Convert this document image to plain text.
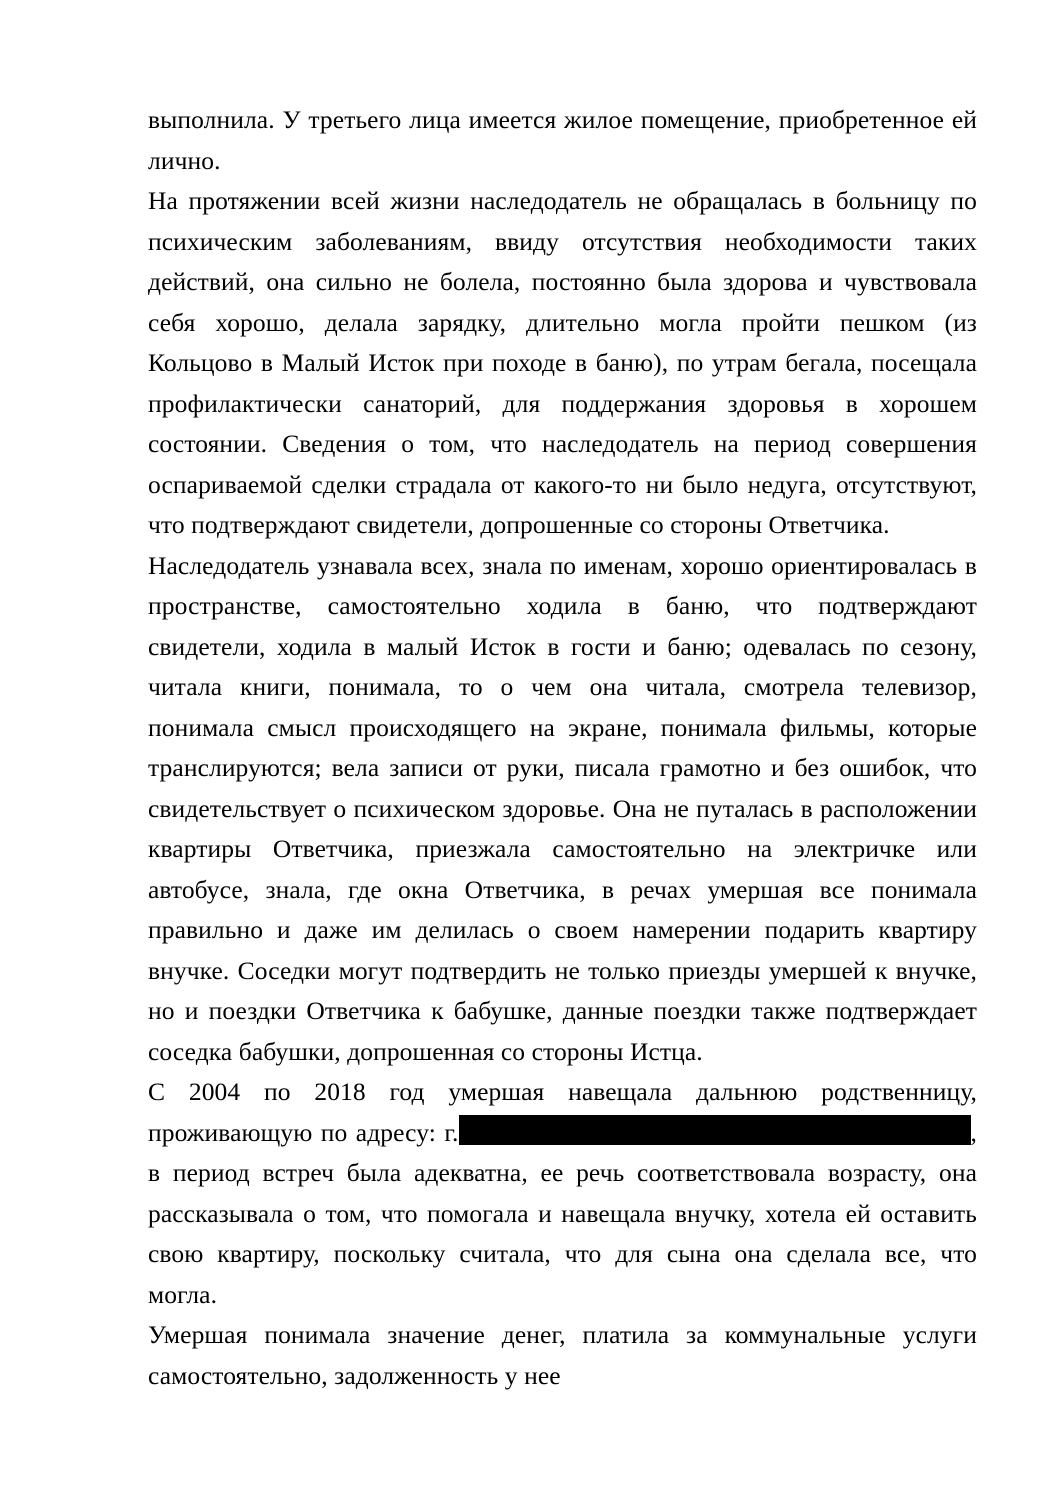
выполнила. У третьего лица имеется жилое помещение, приобретенное ей лично.

На протяжении всей жизни наследодатель не обращалась в больницу по психическим заболеваниям, ввиду отсутствия необходимости таких действий, она сильно не болела, постоянно была здорова и чувствовала себя хорошо, делала зарядку, длительно могла пройти пешком (из Кольцово в Малый Исток при походе в баню), по утрам бегала, посещала профилактически санаторий, для поддержания здоровья в хорошем состоянии. Сведения о том, что наследодатель на период совершения оспариваемой сделки страдала от какого-то ни было недуга, отсутствуют, что подтверждают свидетели, допрошенные со стороны Ответчика.

Наследодатель узнавала всех, знала по именам, хорошо ориентировалась в пространстве, самостоятельно ходила в баню, что подтверждают свидетели, ходила в малый Исток в гости и баню; одевалась по сезону, читала книги, понимала, то о чем она читала, смотрела телевизор, понимала смысл происходящего на экране, понимала фильмы, которые транслируются; вела записи от руки, писала грамотно и без ошибок, что свидетельствует о психическом здоровье. Она не путалась в расположении квартиры Ответчика, приезжала самостоятельно на электричке или автобусе, знала, где окна Ответчика, в речах умершая все понимала правильно и даже им делилась о своем намерении подарить квартиру внучке. Соседки могут подтвердить не только приезды умершей к внучке, но и поездки Ответчика к бабушке, данные поездки также подтверждает соседка бабушки, допрошенная со стороны Истца.

С 2004 по 2018 год умершая навещала дальнюю родственницу, проживающую по адресу: г.	, в период встреч была адекватна, ее речь соответствовала возрасту, она рассказывала о том, что помогала и навещала внучку, хотела ей оставить свою квартиру, поскольку считала, что для сына она сделала все, что могла.

Умершая понимала значение денег, платила за коммунальные услуги самостоятельно, задолженность у нее
